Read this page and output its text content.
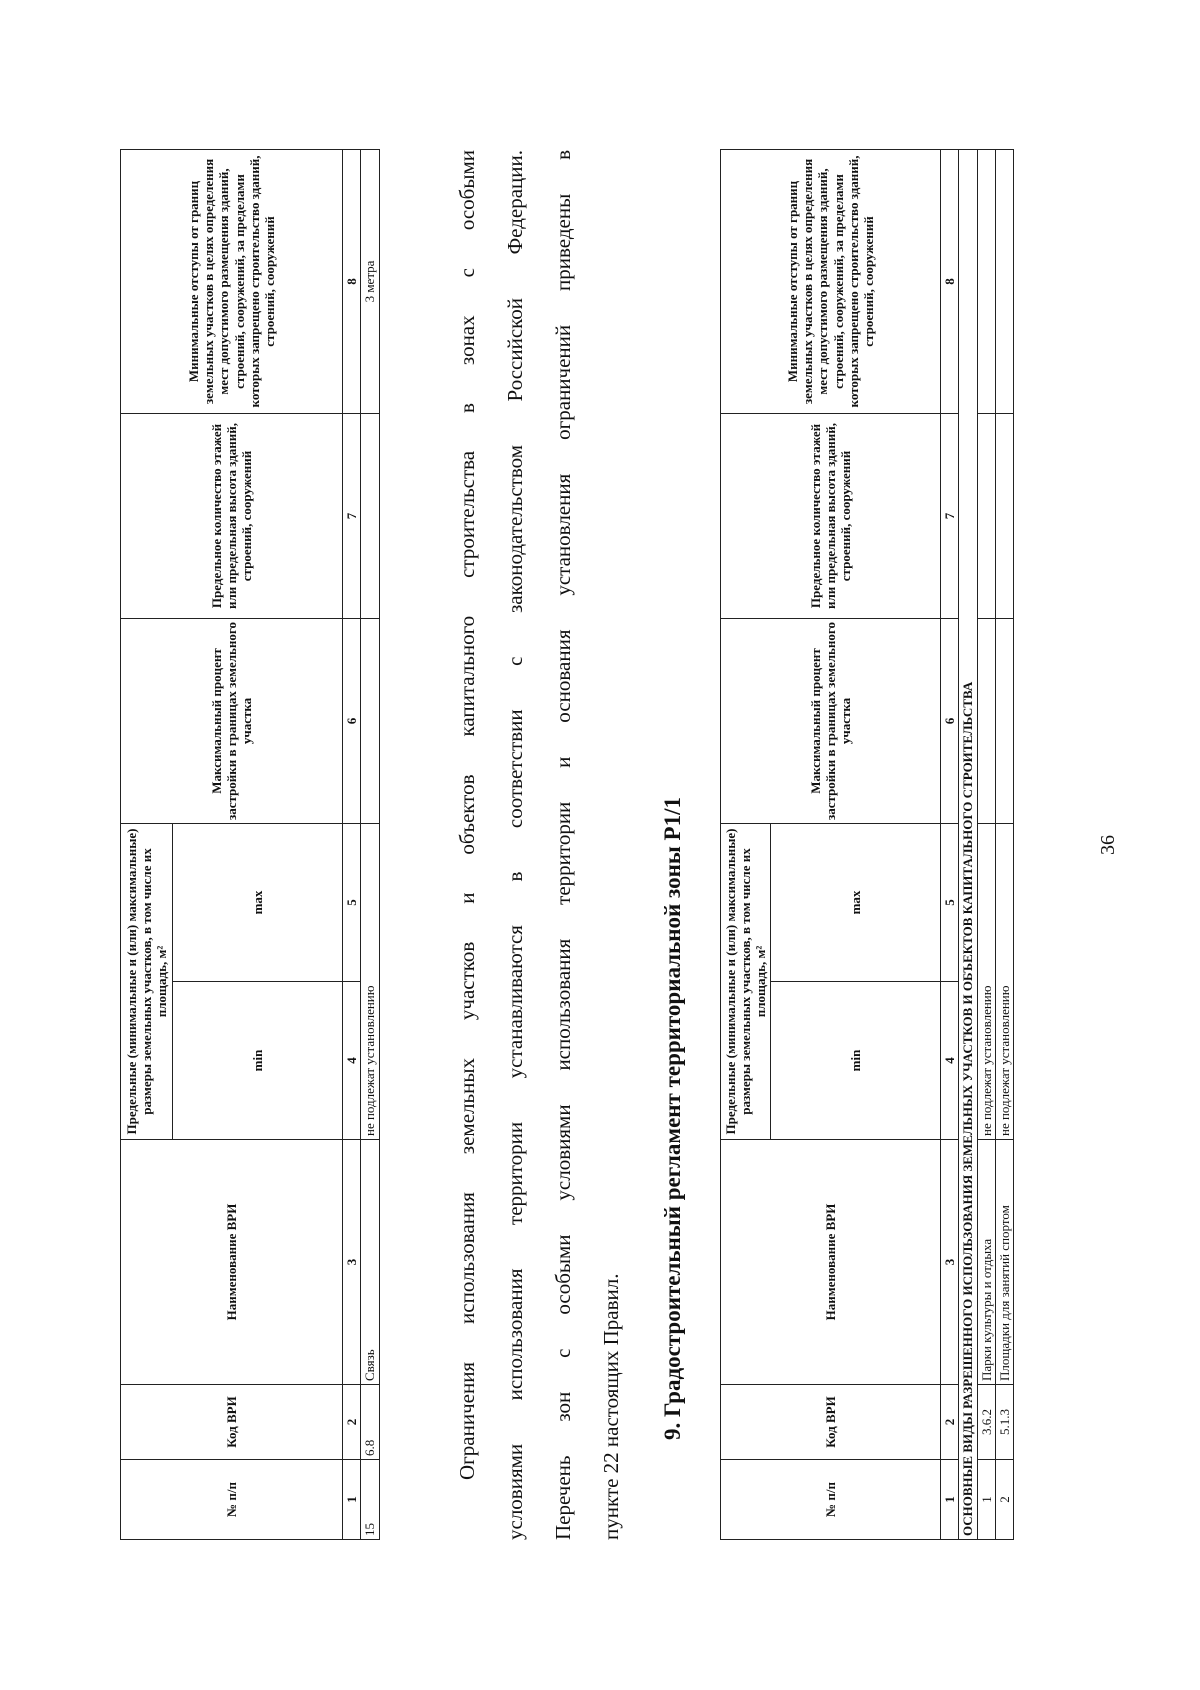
36
№ п/п	Код ВРИ	Наименование ВРИ	Предельные (минимальные и (или) максимальные) размеры земельных участков, в том числе их площадь, м²		Максимальный процент застройки в границах земельного участка	Предельное количество этажей или предельная высота зданий, строений, сооружений	Минимальные отступы от границ земельных участков в целях определения мест допустимого размещения зданий, строений, сооружений, за пределами которых запрещено строительство зданий, строений, сооружений
			min	max			
1	2	3	4	5	6	7	8
15	6.8	Связь	не подлежат установлению				3 метра	Ограничения использования земельных участков и объектов капитального строительства в зонах с особыми условиями использования территории устанавливаются в соответствии с законодательством Российской Федерации. Перечень зон с особыми условиями использования территории и основания установления ограничений приведены в пункте 22 настоящих Правил. 9. Градостроительный регламент территориальной зоны Р1/1
№ п/п	Код ВРИ	Наименование ВРИ	Предельные (минимальные и (или) максимальные) размеры земельных участков, в том числе их площадь, м²		Максимальный процент застройки в границах земельного участка	Предельное количество этажей или предельная высота зданий, строений, сооружений	Минимальные отступы от границ земельных участков в целях определения мест допустимого размещения зданий, строений, сооружений, за пределами которых запрещено строительство зданий, строений, сооружений
			min	max			
1	2	3	4	5	6	7	8
ОСНОВНЫЕ ВИДЫ РАЗРЕШЕННОГО ИСПОЛЬЗОВАНИЯ ЗЕМЕЛЬНЫХ УЧАСТКОВ И ОБЪЕКТОВ КАПИТАЛЬНОГО СТРОИТЕЛЬСТВА							
1	3.6.2	Парки культуры и отдыха	не подлежат установлению				
2	5.1.3	Площадки для занятий спортом	не подлежат установлению				
